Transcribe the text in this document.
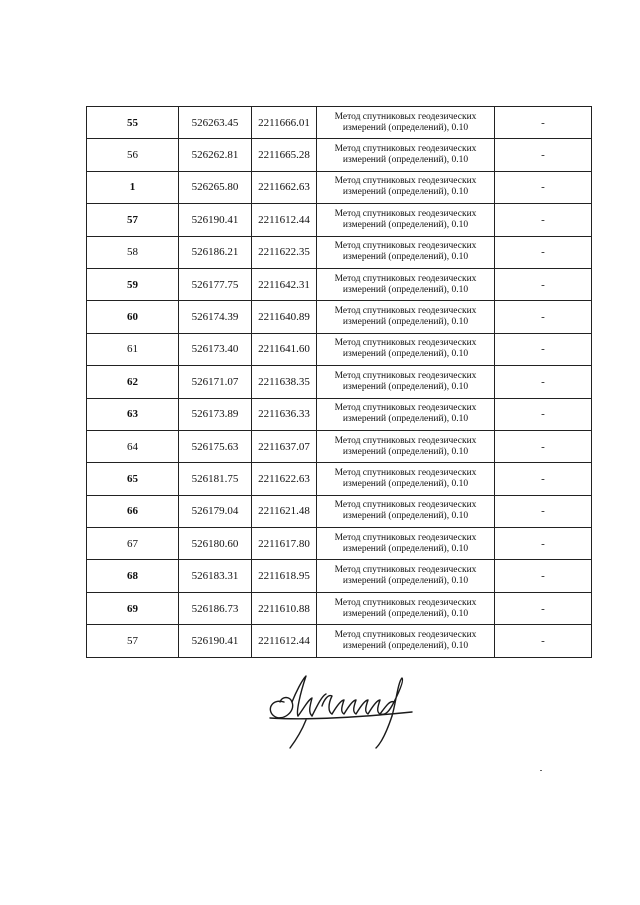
55	526263.45	2211666.01	Метод спутниковых геодезических измерений (определений), 0.10	-
56	526262.81	2211665.28	Метод спутниковых геодезических измерений (определений), 0.10	-
1	526265.80	2211662.63	Метод спутниковых геодезических измерений (определений), 0.10	-
57	526190.41	2211612.44	Метод спутниковых геодезических измерений (определений), 0.10	-
58	526186.21	2211622.35	Метод спутниковых геодезических измерений (определений), 0.10	-
59	526177.75	2211642.31	Метод спутниковых геодезических измерений (определений), 0.10	-
60	526174.39	2211640.89	Метод спутниковых геодезических измерений (определений), 0.10	-
61	526173.40	2211641.60	Метод спутниковых геодезических измерений (определений), 0.10	-
62	526171.07	2211638.35	Метод спутниковых геодезических измерений (определений), 0.10	-
63	526173.89	2211636.33	Метод спутниковых геодезических измерений (определений), 0.10	-
64	526175.63	2211637.07	Метод спутниковых геодезических измерений (определений), 0.10	-
65	526181.75	2211622.63	Метод спутниковых геодезических измерений (определений), 0.10	-
66	526179.04	2211621.48	Метод спутниковых геодезических измерений (определений), 0.10	-
67	526180.60	2211617.80	Метод спутниковых геодезических измерений (определений), 0.10	-
68	526183.31	2211618.95	Метод спутниковых геодезических измерений (определений), 0.10	-
69	526186.73	2211610.88	Метод спутниковых геодезических измерений (определений), 0.10	-
57	526190.41	2211612.44	Метод спутниковых геодезических измерений (определений), 0.10	-
